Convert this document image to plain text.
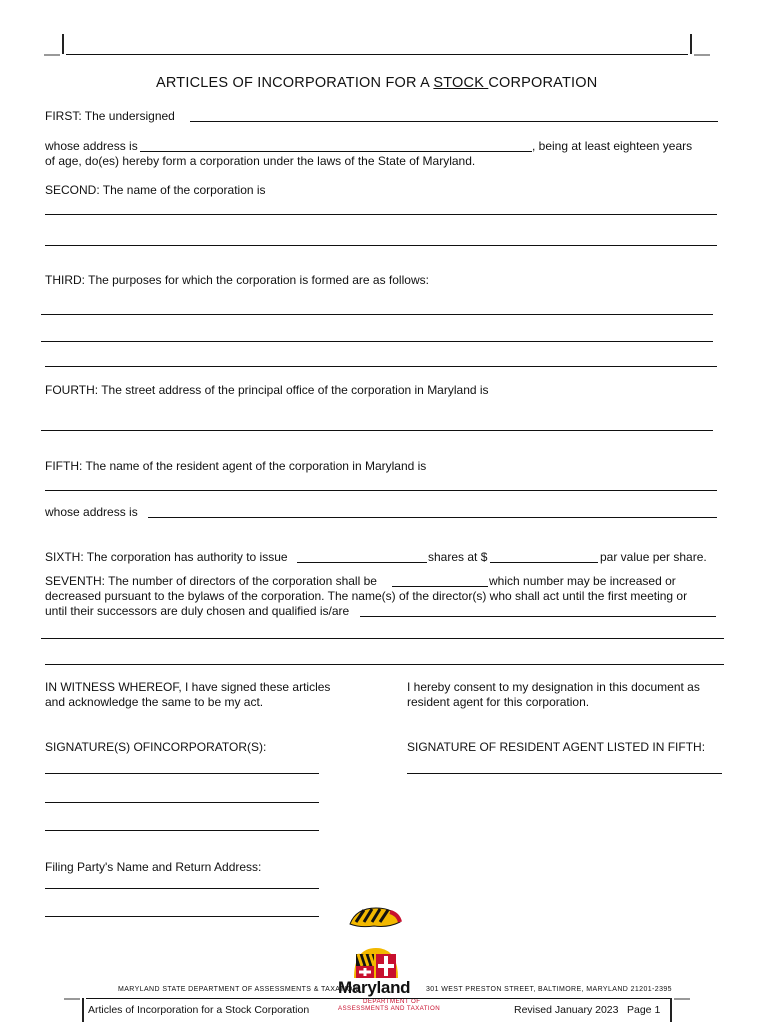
ARTICLES OF INCORPORATION FOR A STOCK CORPORATION
FIRST: The undersigned
whose address is	, being at least eighteen years
of age, do(es) hereby form a corporation under the laws of the State of Maryland.
SECOND: The name of the corporation is
THIRD: The purposes for which the corporation is formed are as follows:
FOURTH: The street address of the principal office of the corporation in Maryland is
FIFTH: The name of the resident agent of the corporation in Maryland is
whose address is
SIXTH: The corporation has authority to issue	shares at $	par value per share.
SEVENTH: The number of directors of the corporation shall be	which number may be increased or
decreased pursuant to the bylaws of the corporation. The name(s) of the director(s) who shall act until the first meeting or
until their successors are duly chosen and qualified is/are
IN WITNESS WHEREOF, I have signed these articles
and acknowledge the same to be my act.
I hereby consent to my designation in this document as
resident agent for this corporation.
SIGNATURE(S) OFINCORPORATOR(S):	SIGNATURE OF RESIDENT AGENT LISTED IN FIFTH:
Filing Party's Name and Return Address:
Maryland
DEPARTMENT OF
ASSESSMENTS AND TAXATION
MARYLAND STATE DEPARTMENT OF ASSESSMENTS & TAXATION	301 WEST PRESTON STREET, BALTIMORE, MARYLAND 21201-2395
Articles of Incorporation for a Stock Corporation	Revised January 2023 Page 1
